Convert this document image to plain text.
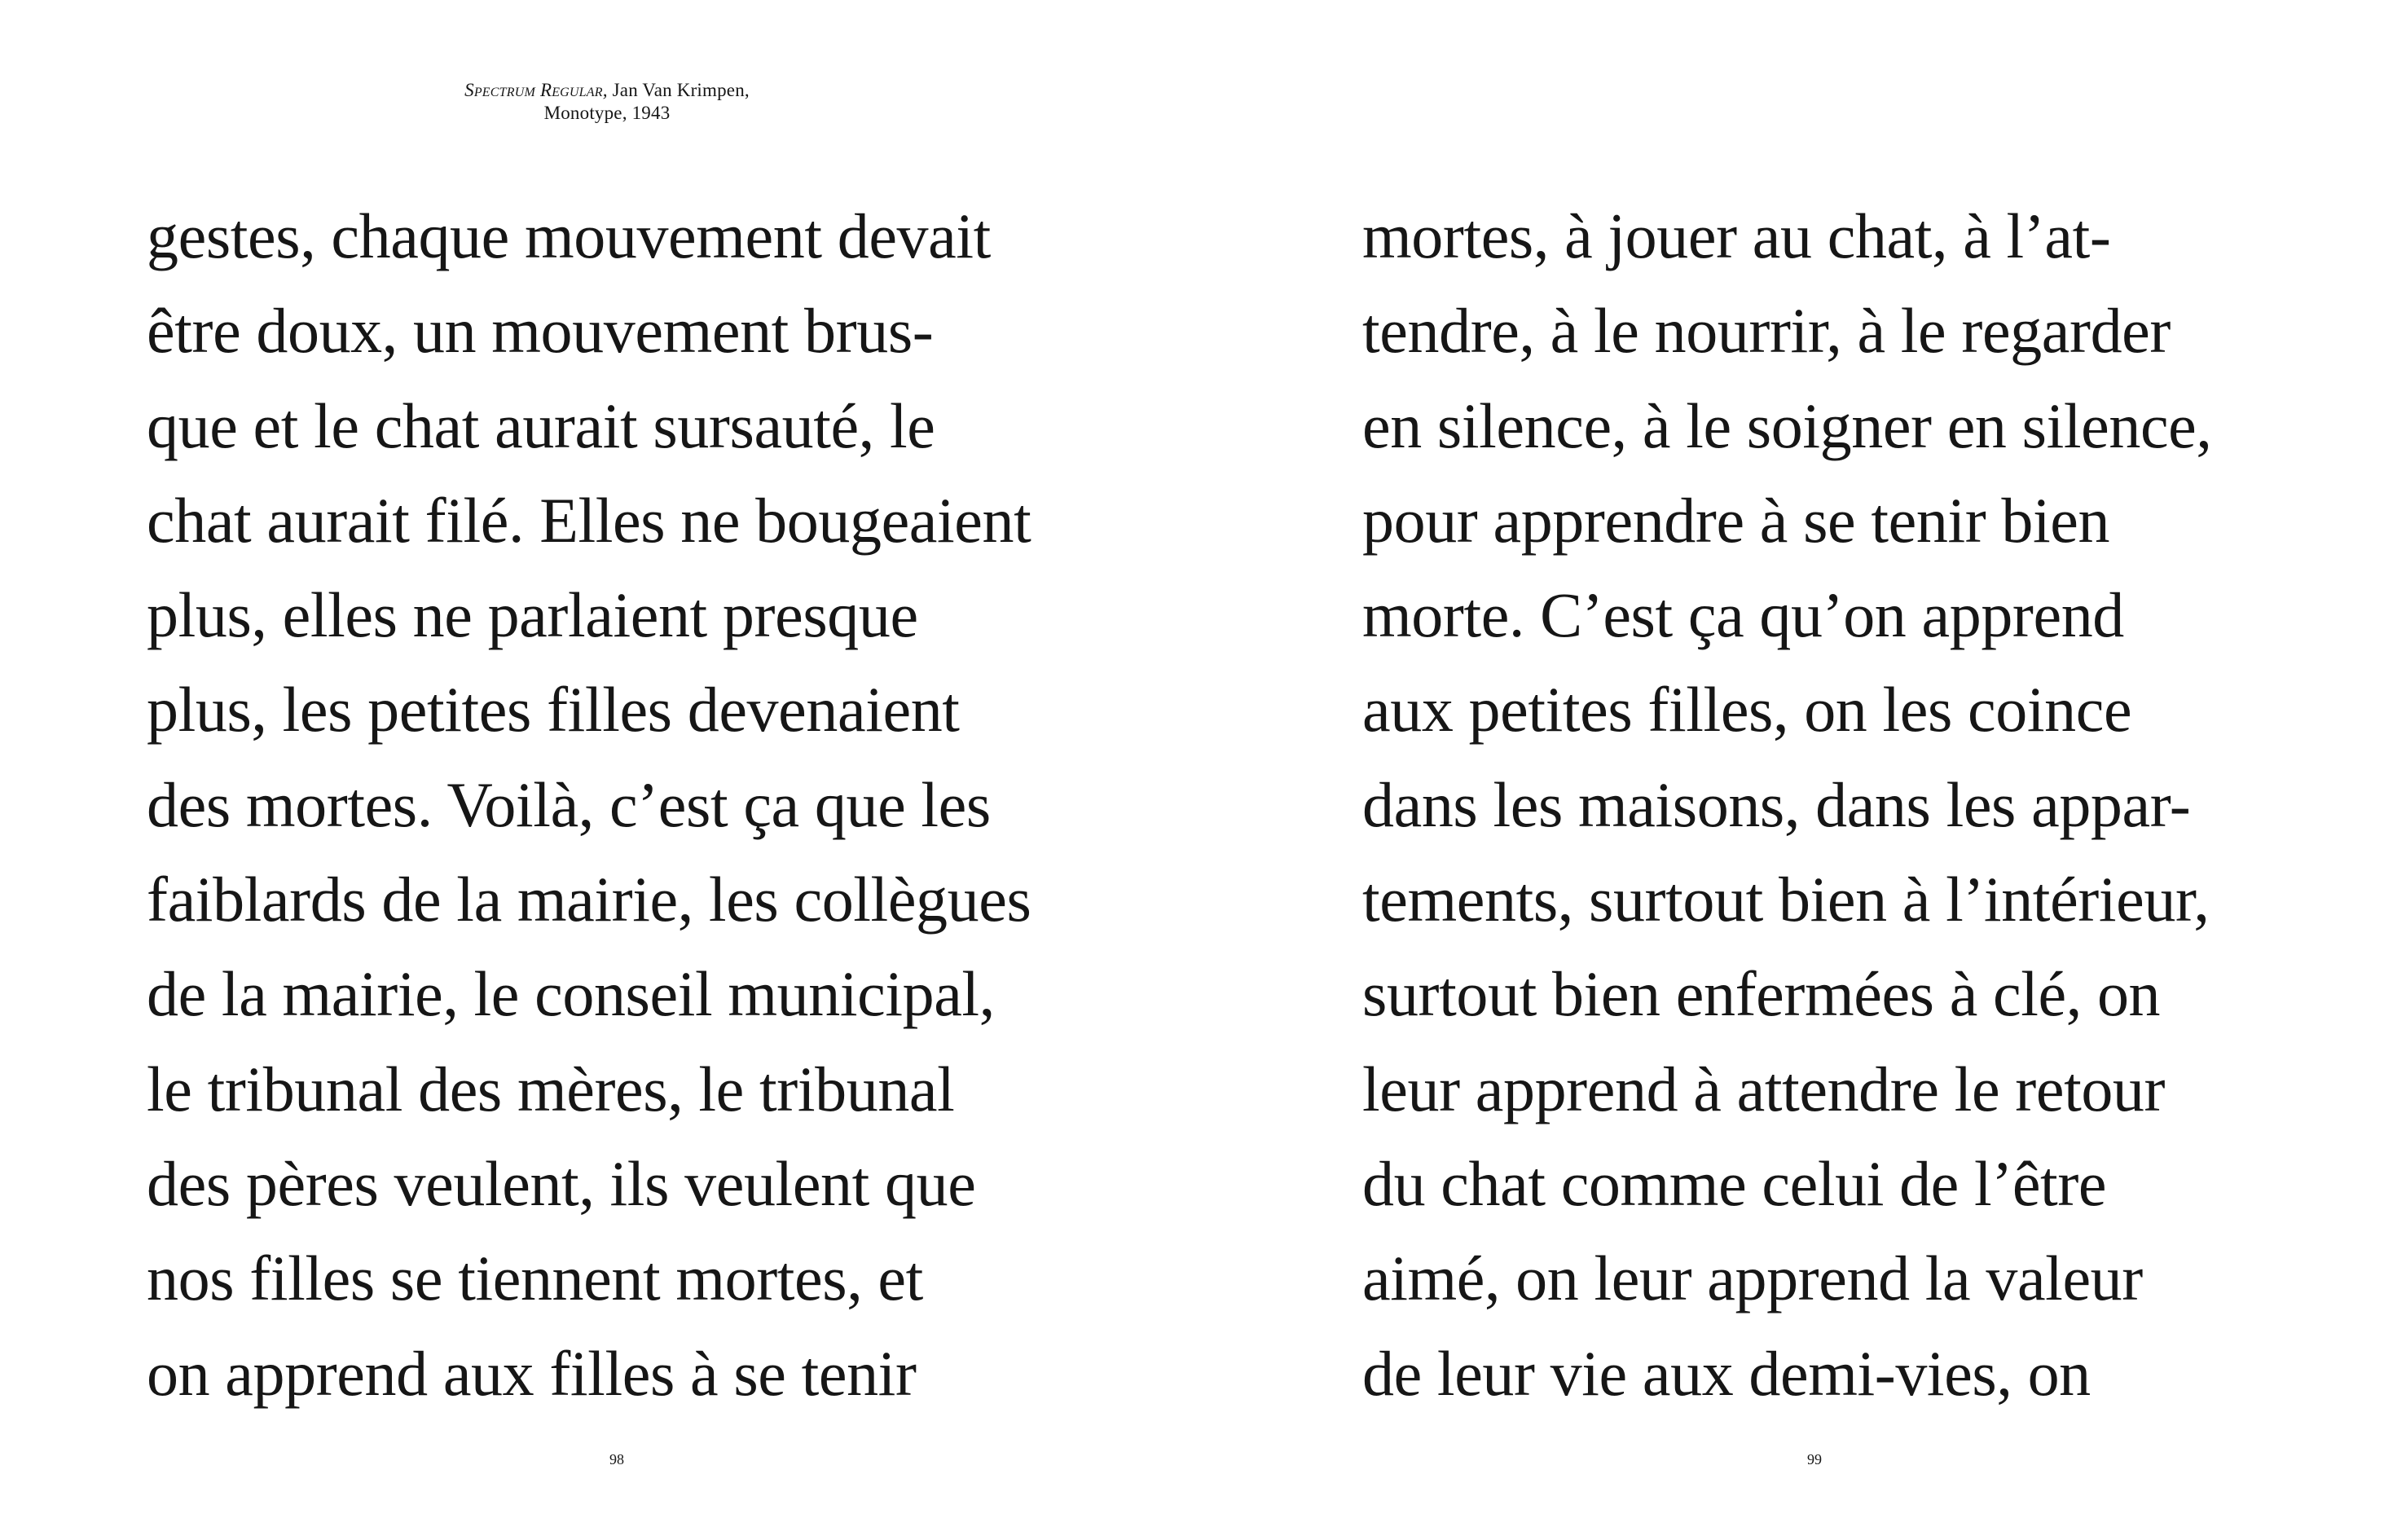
Spectrum Regular, Jan Van Krimpen,
Monotype, 1943
gestes, chaque mouvement devait
être doux, un mouvement brus-
que et le chat aurait sursauté, le
chat aurait filé. Elles ne bougeaient
plus, elles ne parlaient presque
plus, les petites filles devenaient
des mortes. Voilà, c’est ça que les
faiblards de la mairie, les collègues
de la mairie, le conseil municipal,
le tribunal des mères, le tribunal
des pères veulent, ils veulent que
nos filles se tiennent mortes, et
on apprend aux filles à se tenir
mortes, à jouer au chat, à l’at-
tendre, à le nourrir, à le regarder
en silence, à le soigner en silence,
pour apprendre à se tenir bien
morte. C’est ça qu’on apprend
aux petites filles, on les coince
dans les maisons, dans les appar-
tements, surtout bien à l’intérieur,
surtout bien enfermées à clé, on
leur apprend à attendre le retour
du chat comme celui de l’être
aimé, on leur apprend la valeur
de leur vie aux demi-vies, on
98	99
